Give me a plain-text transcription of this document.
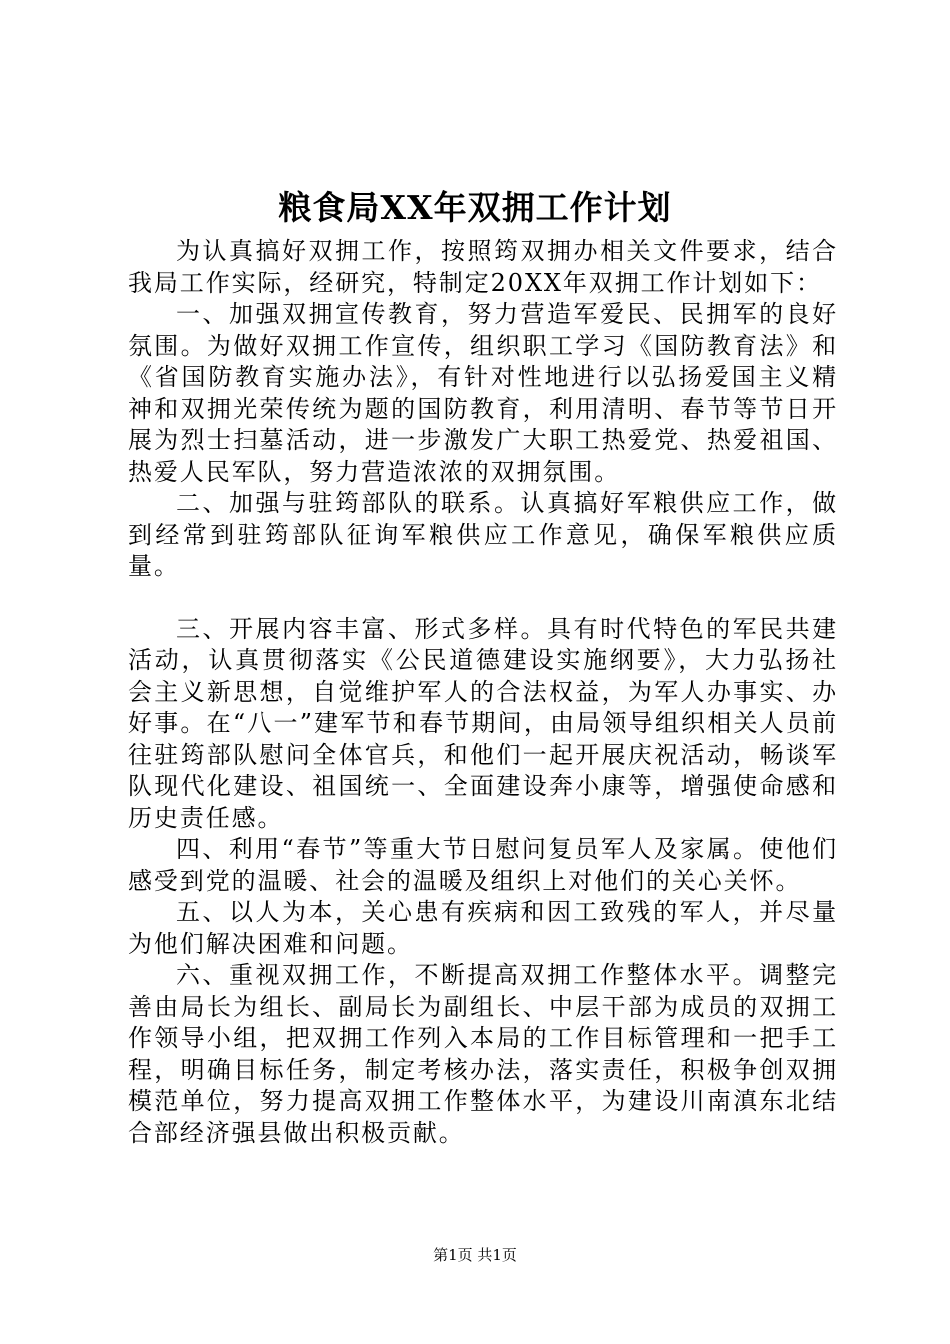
粮食局XX年双拥工作计划

为认真搞好双拥工作，按照筠双拥办相关文件要求，结合我局工作实际，经研究，特制定20XX年双拥工作计划如下：

一、加强双拥宣传教育，努力营造军爱民、民拥军的良好氛围。为做好双拥工作宣传，组织职工学习《国防教育法》和《省国防教育实施办法》，有针对性地进行以弘扬爱国主义精神和双拥光荣传统为题的国防教育，利用清明、春节等节日开展为烈士扫墓活动，进一步激发广大职工热爱党、热爱祖国、热爱人民军队，努力营造浓浓的双拥氛围。

二、加强与驻筠部队的联系。认真搞好军粮供应工作，做到经常到驻筠部队征询军粮供应工作意见，确保军粮供应质量。

三、开展内容丰富、形式多样。具有时代特色的军民共建活动，认真贯彻落实《公民道德建设实施纲要》，大力弘扬社会主义新思想，自觉维护军人的合法权益，为军人办事实、办好事。在“八一”建军节和春节期间，由局领导组织相关人员前往驻筠部队慰问全体官兵，和他们一起开展庆祝活动，畅谈军队现代化建设、祖国统一、全面建设奔小康等，增强使命感和历史责任感。

四、利用“春节”等重大节日慰问复员军人及家属。使他们感受到党的温暖、社会的温暖及组织上对他们的关心关怀。

五、以人为本，关心患有疾病和因工致残的军人，并尽量为他们解决困难和问题。

六、重视双拥工作，不断提高双拥工作整体水平。调整完善由局长为组长、副局长为副组长、中层干部为成员的双拥工作领导小组，把双拥工作列入本局的工作目标管理和一把手工程，明确目标任务，制定考核办法，落实责任，积极争创双拥模范单位，努力提高双拥工作整体水平，为建设川南滇东北结合部经济强县做出积极贡献。

第1页 共1页
